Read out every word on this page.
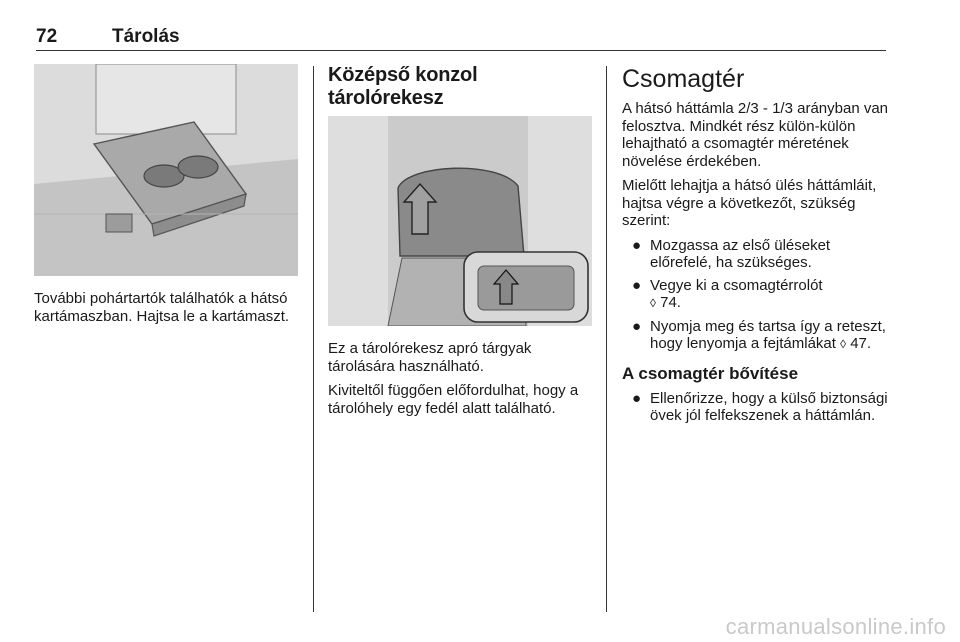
72	Tárolás

További pohártartók találhatók a hátsó kartámaszban. Hajtsa le a kartámaszt.

Középső konzol tárolórekesz

Ez a tárolórekesz apró tárgyak tárolására használható.

Kiviteltől függően előfordulhat, hogy a tárolóhely egy fedél alatt található.

Csomagtér

A hátsó háttámla 2/3 - 1/3 arányban van felosztva. Mindkét rész külön-külön lehajtható a csomagtér méretének növelése érdekében.

Mielőtt lehajtja a hátsó ülés háttámláit, hajtsa végre a következőt, szükség szerint:

● Mozgassa az első üléseket előrefelé, ha szükséges.
● Vegye ki a csomagtérrolót
◊ 74.
● Nyomja meg és tartsa így a reteszt, hogy lenyomja a fejtámlákat ◊ 47.
A csomagtér bővítése
● Ellenőrizze, hogy a külső biztonsági övek jól felfekszenek a háttámlán.
carmanualsonline.info
